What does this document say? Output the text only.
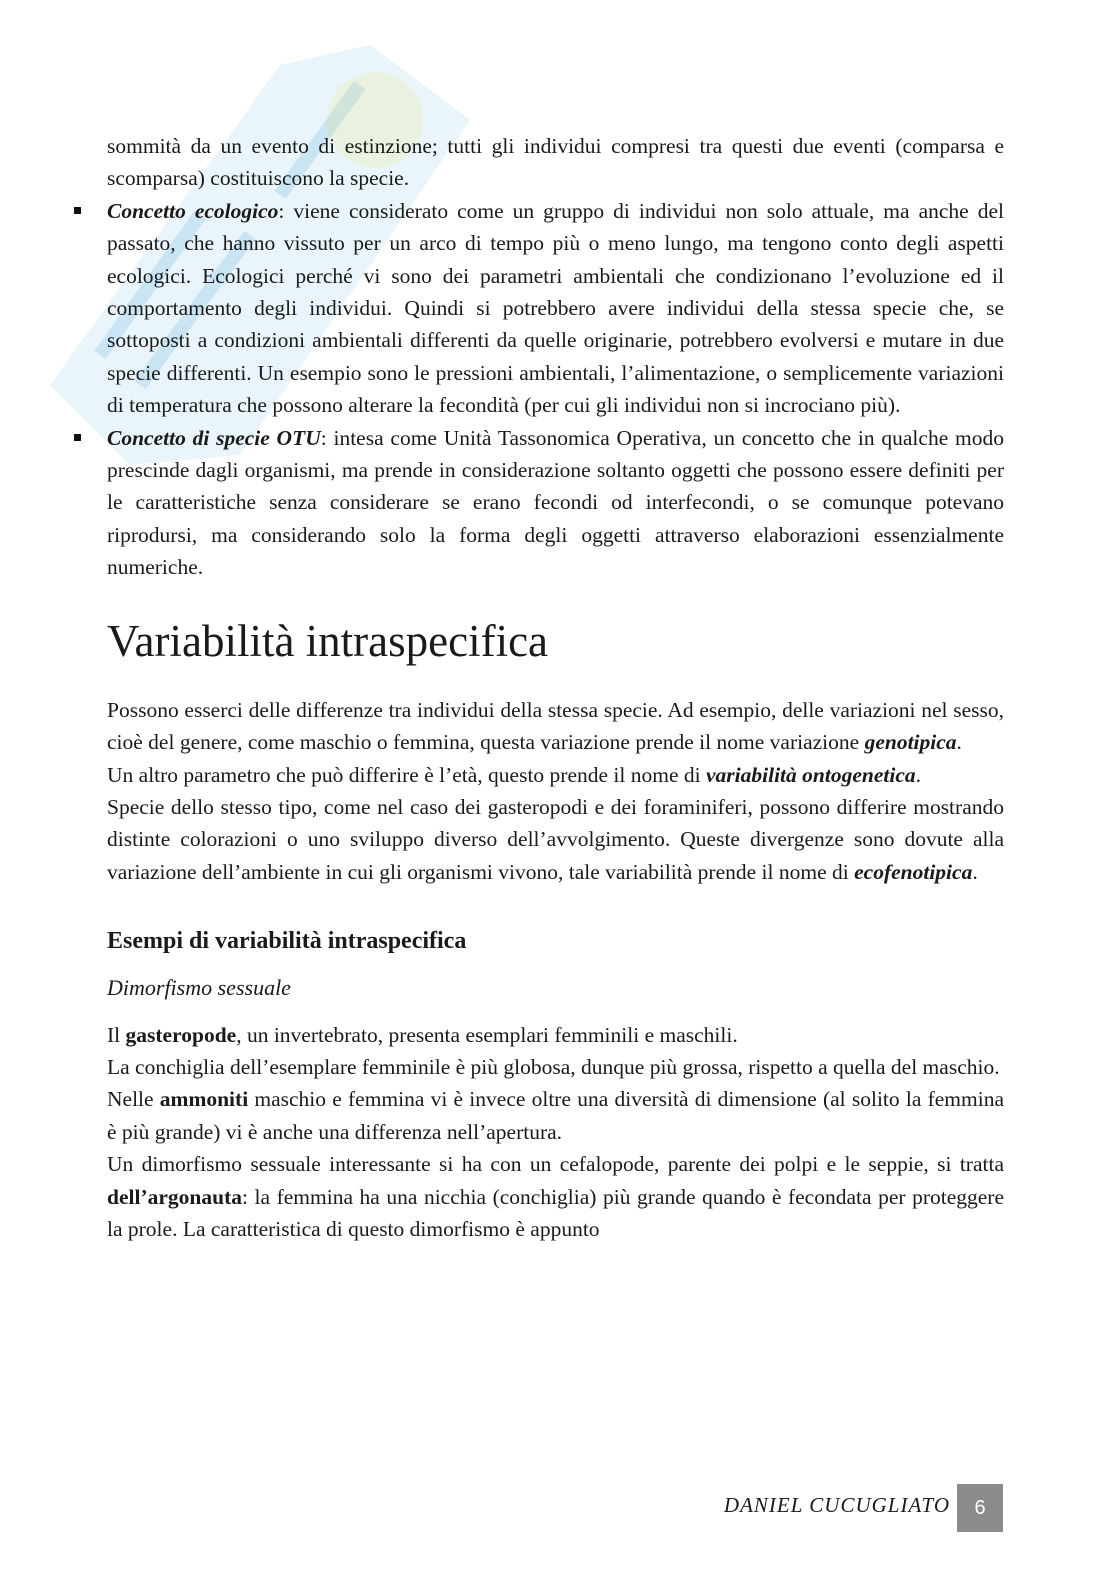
sommità da un evento di estinzione; tutti gli individui compresi tra questi due eventi (comparsa e scomparsa) costituiscono la specie.

Concetto ecologico: viene considerato come un gruppo di individui non solo attuale, ma anche del passato, che hanno vissuto per un arco di tempo più o meno lungo, ma tengono conto degli aspetti ecologici. Ecologici perché vi sono dei parametri ambientali che condizionano l’evoluzione ed il comportamento degli individui. Quindi si potrebbero avere individui della stessa specie che, se sottoposti a condizioni ambientali differenti da quelle originarie, potrebbero evolversi e mutare in due specie differenti. Un esempio sono le pressioni ambientali, l’alimentazione, o semplicemente variazioni di temperatura che possono alterare la fecondità (per cui gli individui non si incrociano più).
Concetto di specie OTU: intesa come Unità Tassonomica Operativa, un concetto che in qualche modo prescinde dagli organismi, ma prende in considerazione soltanto oggetti che possono essere definiti per le caratteristiche senza considerare se erano fecondi od interfecondi, o se comunque potevano riprodursi, ma considerando solo la forma degli oggetti attraverso elaborazioni essenzialmente numeriche.
Variabilità intraspecifica

Possono esserci delle differenze tra individui della stessa specie. Ad esempio, delle variazioni nel sesso, cioè del genere, come maschio o femmina, questa variazione prende il nome variazione genotipica.

Un altro parametro che può differire è l’età, questo prende il nome di variabilità ontogenetica.

Specie dello stesso tipo, come nel caso dei gasteropodi e dei foraminiferi, possono differire mostrando distinte colorazioni o uno sviluppo diverso dell’avvolgimento. Queste divergenze sono dovute alla variazione dell’ambiente in cui gli organismi vivono, tale variabilità prende il nome di ecofenotipica.

Esempi di variabilità intraspecifica
Dimorfismo sessuale

Il gasteropode, un invertebrato, presenta esemplari femminili e maschili.

La conchiglia dell’esemplare femminile è più globosa, dunque più grossa, rispetto a quella del maschio.

Nelle ammoniti maschio e femmina vi è invece oltre una diversità di dimensione (al solito la femmina è più grande) vi è anche una differenza nell’apertura.

Un dimorfismo sessuale interessante si ha con un cefalopode, parente dei polpi e le seppie, si tratta dell’argonauta: la femmina ha una nicchia (conchiglia) più grande quando è fecondata per proteggere la prole. La caratteristica di questo dimorfismo è appunto

DANIEL CUCUGLIATO	6
